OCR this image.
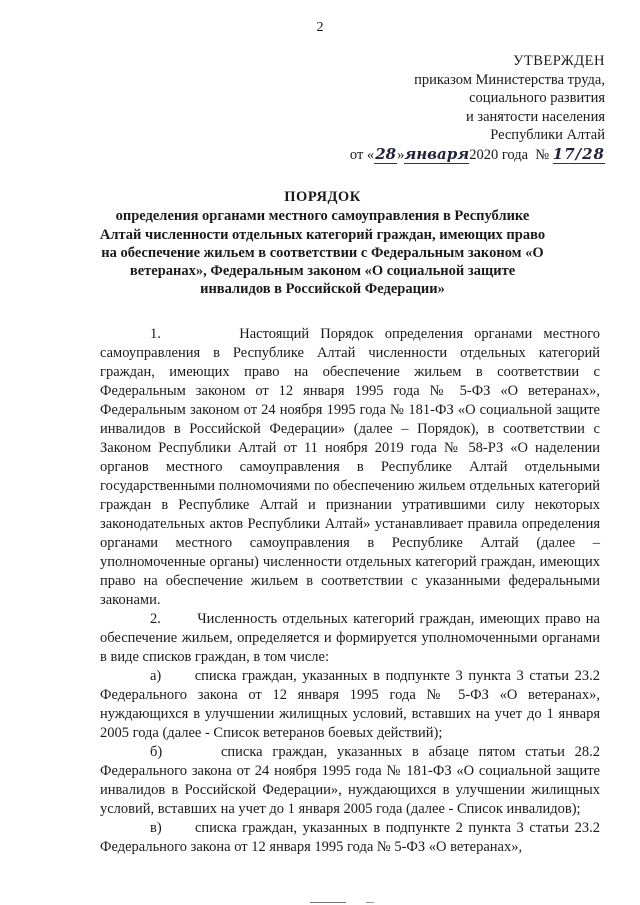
2
УТВЕРЖДЕН
приказом Министерства труда,
социального развития
и занятости населения
Республики Алтай
от «28»января2020 года № 17/28
ПОРЯДОК
определения органами местного самоуправления в Республике Алтай численности отдельных категорий граждан, имеющих право на обеспечение жильем в соответствии с Федеральным законом «О ветеранах», Федеральным законом «О социальной защите инвалидов в Российской Федерации»

1.       Настоящий Порядок определения органами местного самоуправления в Республике Алтай численности отдельных категорий граждан, имеющих право на обеспечение жильем в соответствии с Федеральным законом от 12 января 1995 года № 5-ФЗ «О ветеранах», Федеральным законом от 24 ноября 1995 года № 181-ФЗ «О социальной защите инвалидов в Российской Федерации» (далее – Порядок), в соответствии с Законом Республики Алтай от 11 ноября 2019 года № 58-РЗ «О наделении органов местного самоуправления в Республике Алтай отдельными государственными полномочиями по обеспечению жильем отдельных категорий граждан в Республике Алтай и признании утратившими силу некоторых законодательных актов Республики Алтай» устанавливает правила определения органами местного самоуправления в Республике Алтай (далее – уполномоченные органы) численности отдельных категорий граждан, имеющих право на обеспечение жильем в соответствии с указанными федеральными законами.

2.       Численность отдельных категорий граждан, имеющих право на обеспечение жильем, определяется и формируется уполномоченными органами в виде списков граждан, в том числе:

а)      списка граждан, указанных в подпункте 3 пункта 3 статьи 23.2 Федерального закона от 12 января 1995 года № 5-ФЗ «О ветеранах», нуждающихся в улучшении жилищных условий, вставших на учет до 1 января 2005 года (далее - Список ветеранов боевых действий);

б)      списка граждан, указанных в абзаце пятом статьи 28.2 Федерального закона от 24 ноября 1995 года № 181-ФЗ «О социальной защите инвалидов в Российской Федерации», нуждающихся в улучшении жилищных условий, вставших на учет до 1 января 2005 года (далее - Список инвалидов);

в)      списка граждан, указанных в подпункте 2 пункта 3 статьи 23.2 Федерального закона от 12 января 1995 года № 5-ФЗ «О ветеранах»,
